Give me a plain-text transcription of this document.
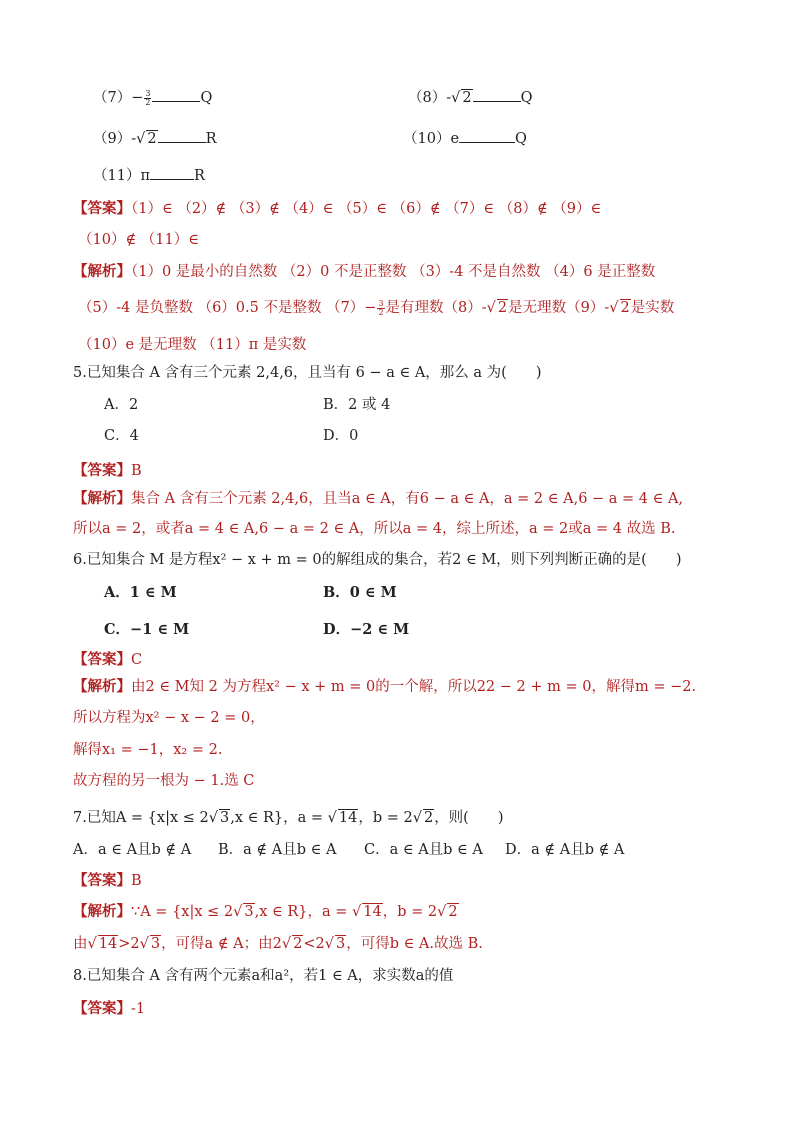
$(7)- \frac{3}{2}$	Q	（8）-√ 2	Q
（9）-√ 2	R	（10）e	Q
（11）π	R
【答案】（1）∈ （2）∉ （3）∉ （4）∈ （5）∈ （6）∉ （7）∈ （8）∉ （9）∈
（10）∉ （11）∈
【解析】（1）0 是最小的自然数 （2）0 不是正整数 （3）-4 不是自然数 （4）6 是正整数
（5）-4 是负整数 （6）0.5 不是整数 $(7)- \frac{3}{2}$ 是有理数（8）-√ 2是无理数（9）-√ 2是实数
（10）e 是无理数 （11）π 是实数
5.已知集合 A 含有三个元素 2,4,6，且当有 6 − a ∈ A，那么 a 为(　　)
A．2	B．2 或 4
C．4	D．0
【答案】B
【解析】集合 A 含有三个元素 2,4,6，且当a ∈ A，有6 − a ∈ A，a = 2 ∈ A,6 − a = 4 ∈ A,
所以a = 2，或者a = 4 ∈ A,6 − a = 2 ∈ A，所以a = 4，综上所述，a = 2或a = 4 故选 B.
6.已知集合 M 是方程x² − x + m = 0的解组成的集合，若2 ∈ M，则下列判断正确的是(　　)
A．1 ∈ M	B．0 ∈ M
C．−1 ∈ M	D．−2 ∈ M
【答案】C
【解析】由2 ∈ M知 2 为方程x² − x + m = 0的一个解，所以22 − 2 + m = 0，解得m = −2.
所以方程为x² − x − 2 = 0，
解得x₁ = −1，x₂ = 2.
故方程的另一根为 − 1.选 C
7.已知A = {x|x ≤ 2√ 3,x ∈ R}，a = √ 14，b = 2√ 2，则(　　)
A．a ∈ A且b ∉ A B．a ∉ A且b ∈ A C．a ∈ A且b ∈ A D．a ∉ A且b ∉ A
【答案】B
【解析】∵A = {x|x ≤ 2√ 3,x ∈ R}，a = √ 14，b = 2√ 2
由√ 14>2√ 3，可得a ∉ A；由2√ 2<2√ 3，可得b ∈ A.故选 B.
8.已知集合 A 含有两个元素a和a²，若1 ∈ A，求实数a的值
【答案】-1
